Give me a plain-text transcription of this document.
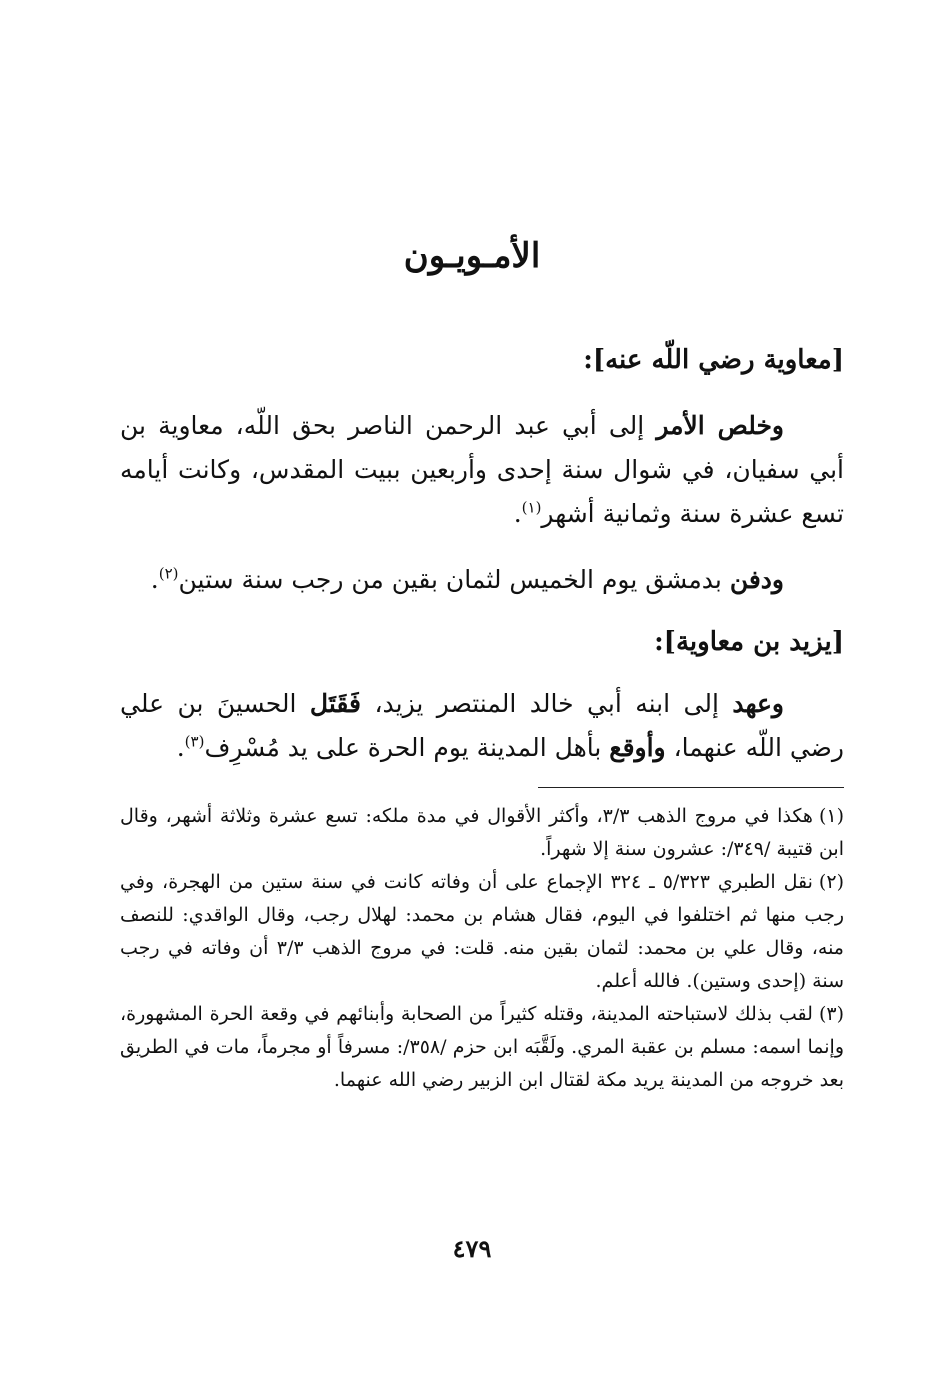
الأمـويـون
[معاوية رضي اللّه عنه]:
وخلص الأمر إلى أبي عبد الرحمن الناصر بحق اللّه، معاوية بن أبي سفيان، في شوال سنة إحدى وأربعين ببيت المقدس، وكانت أيامه تسع عشرة سنة وثمانية أشهر$^{(١)}$.
ودفن بدمشق يوم الخميس لثمان بقين من رجب سنة ستين$^{(٢)}$.
[يزيد بن معاوية]:
وعهد إلى ابنه أبي خالد المنتصر يزيد، فَقَتَل الحسينَ بن علي رضي اللّه عنهما، وأوقع بأهل المدينة يوم الحرة على يد مُسْرِف$^{(٣)}$.

(١)هكذا في مروج الذهب ٣/٣، وأكثر الأقوال في مدة ملكه: تسع عشرة وثلاثة أشهر، وقال ابن قتيبة /٣٤٩/: عشرون سنة إلا شهراً.

(٢)نقل الطبري ٥/٣٢٣ ـ ٣٢٤ الإجماع على أن وفاته كانت في سنة ستين من الهجرة، وفي رجب منها ثم اختلفوا في اليوم، فقال هشام بن محمد: لهلال رجب، وقال الواقدي: للنصف منه، وقال علي بن محمد: لثمان بقين منه. قلت: في مروج الذهب ٣/٣ أن وفاته في رجب سنة (إحدى وستين). فالله أعلم.

(٣)لقب بذلك لاستباحته المدينة، وقتله كثيراً من الصحابة وأبنائهم في وقعة الحرة المشهورة، وإنما اسمه: مسلم بن عقبة المري. ولَقَّبَه ابن حزم /٣٥٨/: مسرفاً أو مجرماً، مات في الطريق بعد خروجه من المدينة يريد مكة لقتال ابن الزبير رضي الله عنهما.

٤٧٩
